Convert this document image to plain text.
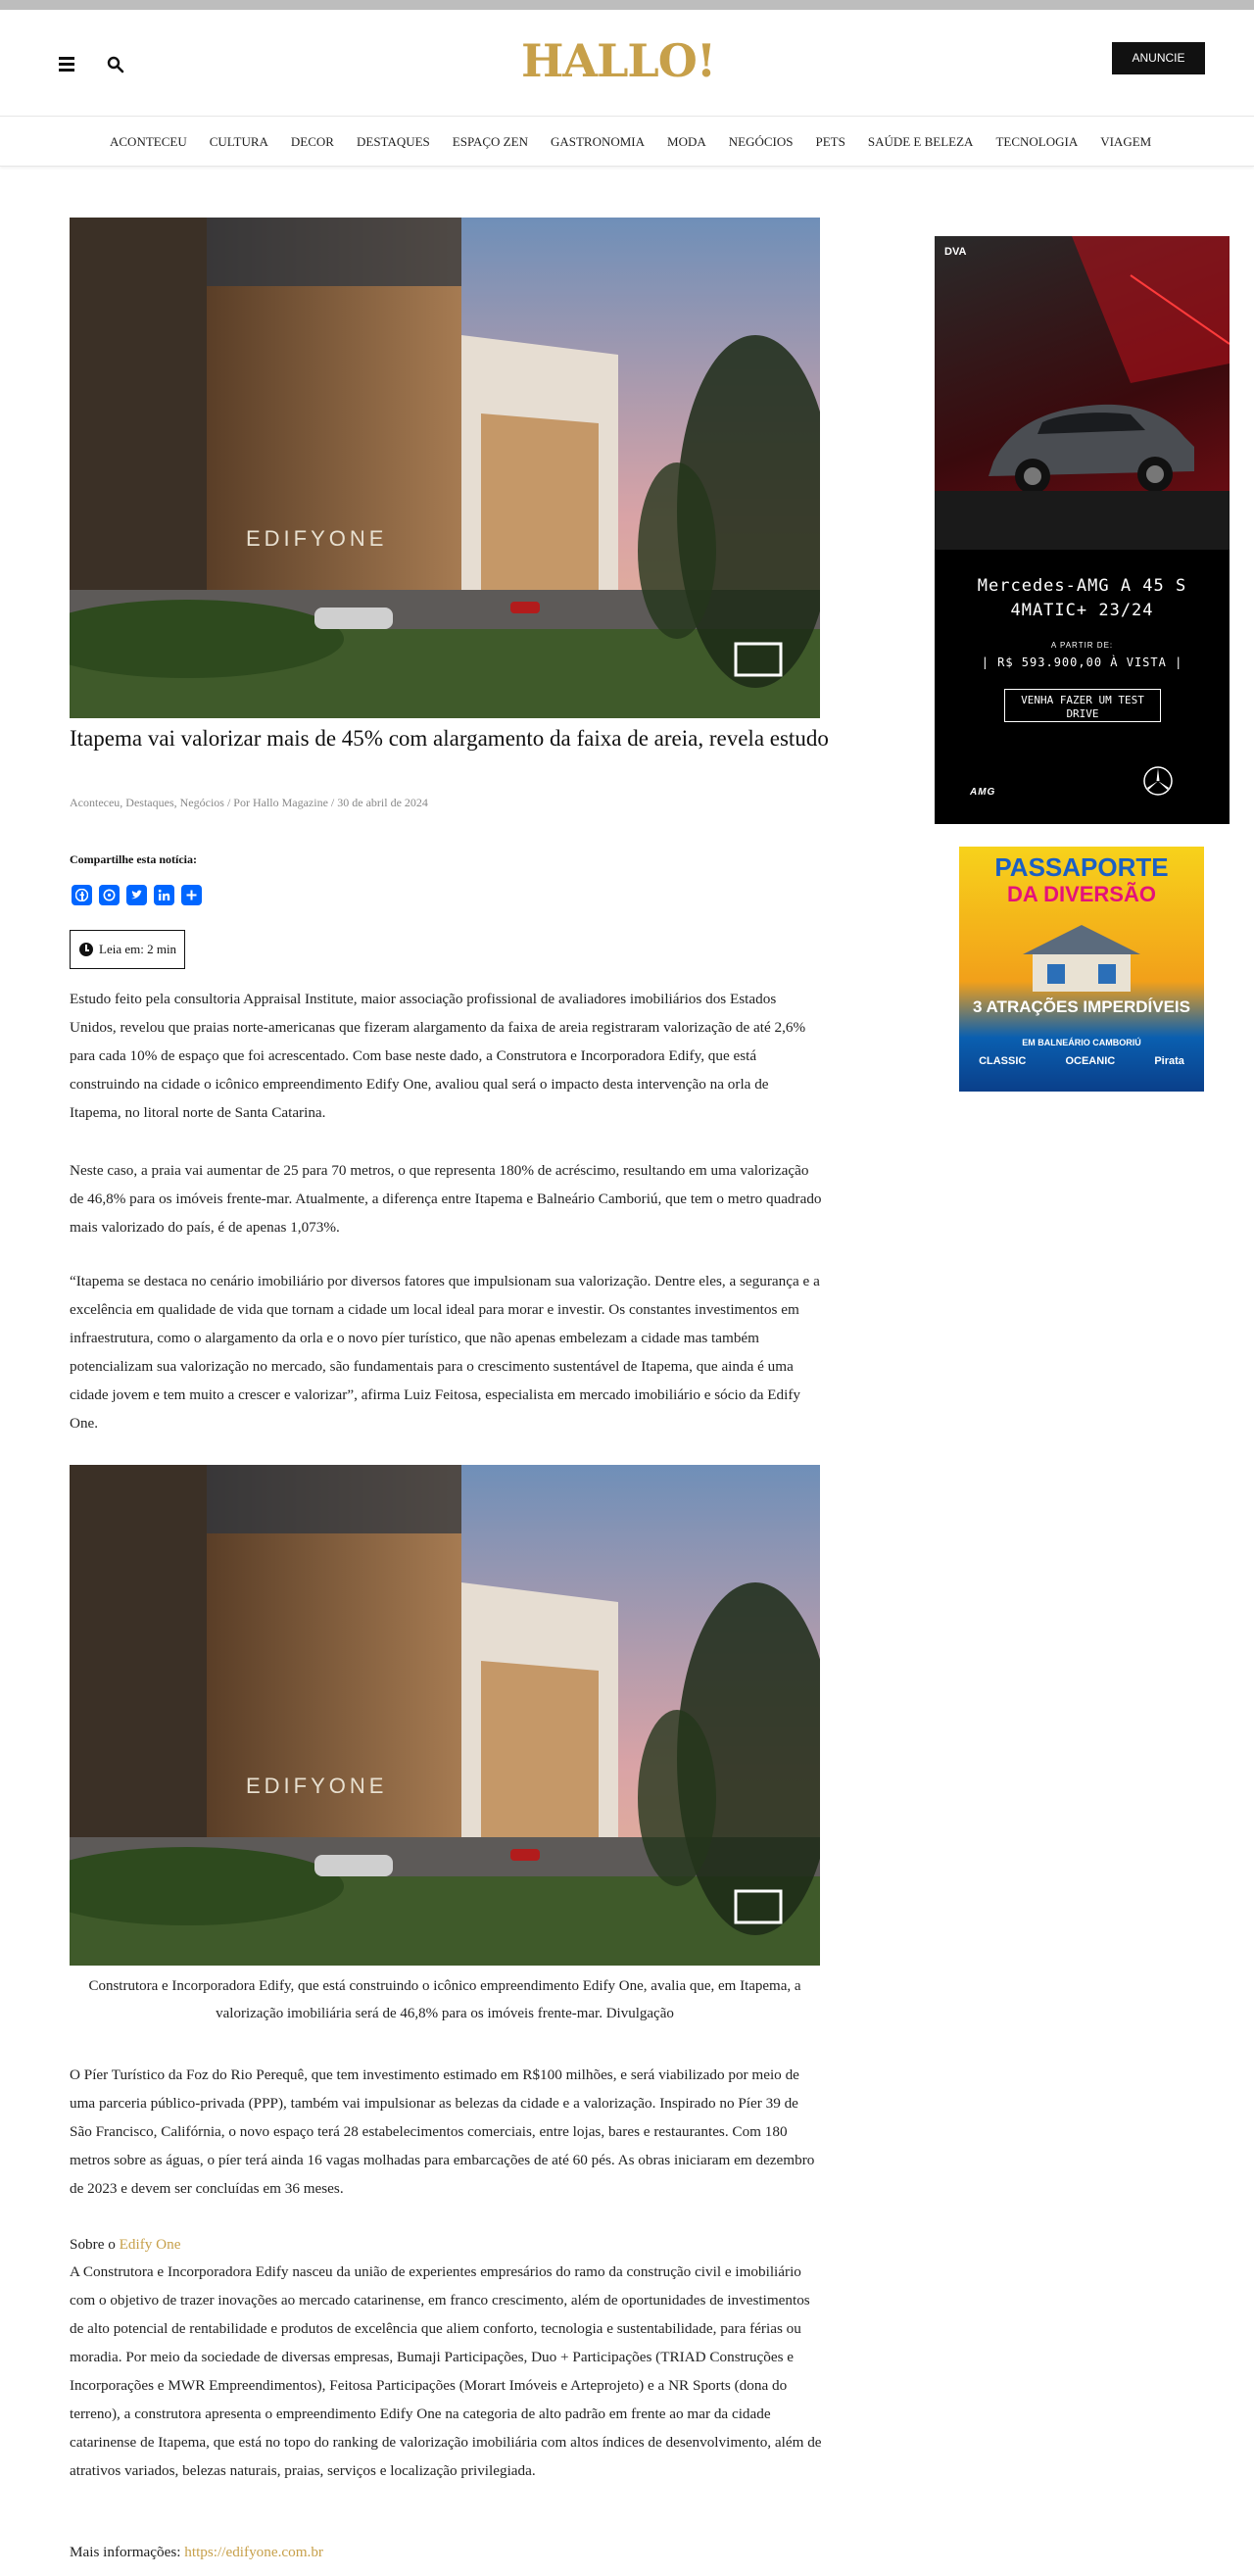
HALLO!	ANUNCIE
ACONTECEU CULTURA DECOR DESTAQUES ESPAÇO ZEN GASTRONOMIA MODA NEGÓCIOS PETS SAÚDE E BELEZA TECNOLOGIA VIAGEM
EDIFYONE
Itapema vai valorizar mais de 45% com alargamento da faixa de areia, revela estudo
Aconteceu, Destaques, Negócios / Por Hallo Magazine / 30 de abril de 2024
Compartilhe esta notícia:
Leia em: 2 min

Estudo feito pela consultoria Appraisal Institute, maior associação profissional de avaliadores imobiliários dos Estados Unidos, revelou que praias norte-americanas que fizeram alargamento da faixa de areia registraram valorização de até 2,6% para cada 10% de espaço que foi acrescentado. Com base neste dado, a Construtora e Incorporadora Edify, que está construindo na cidade o icônico empreendimento Edify One, avaliou qual será o impacto desta intervenção na orla de Itapema, no litoral norte de Santa Catarina.

Neste caso, a praia vai aumentar de 25 para 70 metros, o que representa 180% de acréscimo, resultando em uma valorização de 46,8% para os imóveis frente-mar. Atualmente, a diferença entre Itapema e Balneário Camboriú, que tem o metro quadrado mais valorizado do país, é de apenas 1,073%.

“Itapema se destaca no cenário imobiliário por diversos fatores que impulsionam sua valorização. Dentre eles, a segurança e a excelência em qualidade de vida que tornam a cidade um local ideal para morar e investir. Os constantes investimentos em infraestrutura, como o alargamento da orla e o novo píer turístico, que não apenas embelezam a cidade mas também potencializam sua valorização no mercado, são fundamentais para o crescimento sustentável de Itapema, que ainda é uma cidade jovem e tem muito a crescer e valorizar”, afirma Luiz Feitosa, especialista em mercado imobiliário e sócio da Edify One.

EDIFYONE

Construtora e Incorporadora Edify, que está construindo o icônico empreendimento Edify One, avalia que, em Itapema, a valorização imobiliária será de 46,8% para os imóveis frente-mar. Divulgação

O Píer Turístico da Foz do Rio Perequê, que tem investimento estimado em R$100 milhões, e será viabilizado por meio de uma parceria público-privada (PPP), também vai impulsionar as belezas da cidade e a valorização. Inspirado no Píer 39 de São Francisco, Califórnia, o novo espaço terá 28 estabelecimentos comerciais, entre lojas, bares e restaurantes. Com 180 metros sobre as águas, o píer terá ainda 16 vagas molhadas para embarcações de até 60 pés. As obras iniciaram em dezembro de 2023 e devem ser concluídas em 36 meses.

Sobre o Edify One

A Construtora e Incorporadora Edify nasceu da união de experientes empresários do ramo da construção civil e imobiliário com o objetivo de trazer inovações ao mercado catarinense, em franco crescimento, além de oportunidades de investimentos de alto potencial de rentabilidade e produtos de excelência que aliem conforto, tecnologia e sustentabilidade, para férias ou moradia. Por meio da sociedade de diversas empresas, Bumaji Participações, Duo + Participações (TRIAD Construções e Incorporações e MWR Empreendimentos), Feitosa Participações (Morart Imóveis e Arteprojeto) e a NR Sports (dona do terreno), a construtora apresenta o empreendimento Edify One na categoria de alto padrão em frente ao mar da cidade catarinense de Itapema, que está no topo do ranking de valorização imobiliária com altos índices de desenvolvimento, além de atrativos variados, belezas naturais, praias, serviços e localização privilegiada.

Mais informações: https://edifyone.com.br

DVA
Mercedes-AMG A 45 S 4MATIC+ 23/24
A PARTIR DE:
| R$ 593.900,00 À VISTA |
VENHA FAZER UM TEST DRIVE
AMG
PASSAPORTE
DA DIVERSÃO
3 ATRAÇÕES IMPERDÍVEIS
EM BALNEÁRIO CAMBORIÚ
CLASSIC	OCEANIC	Pirata
